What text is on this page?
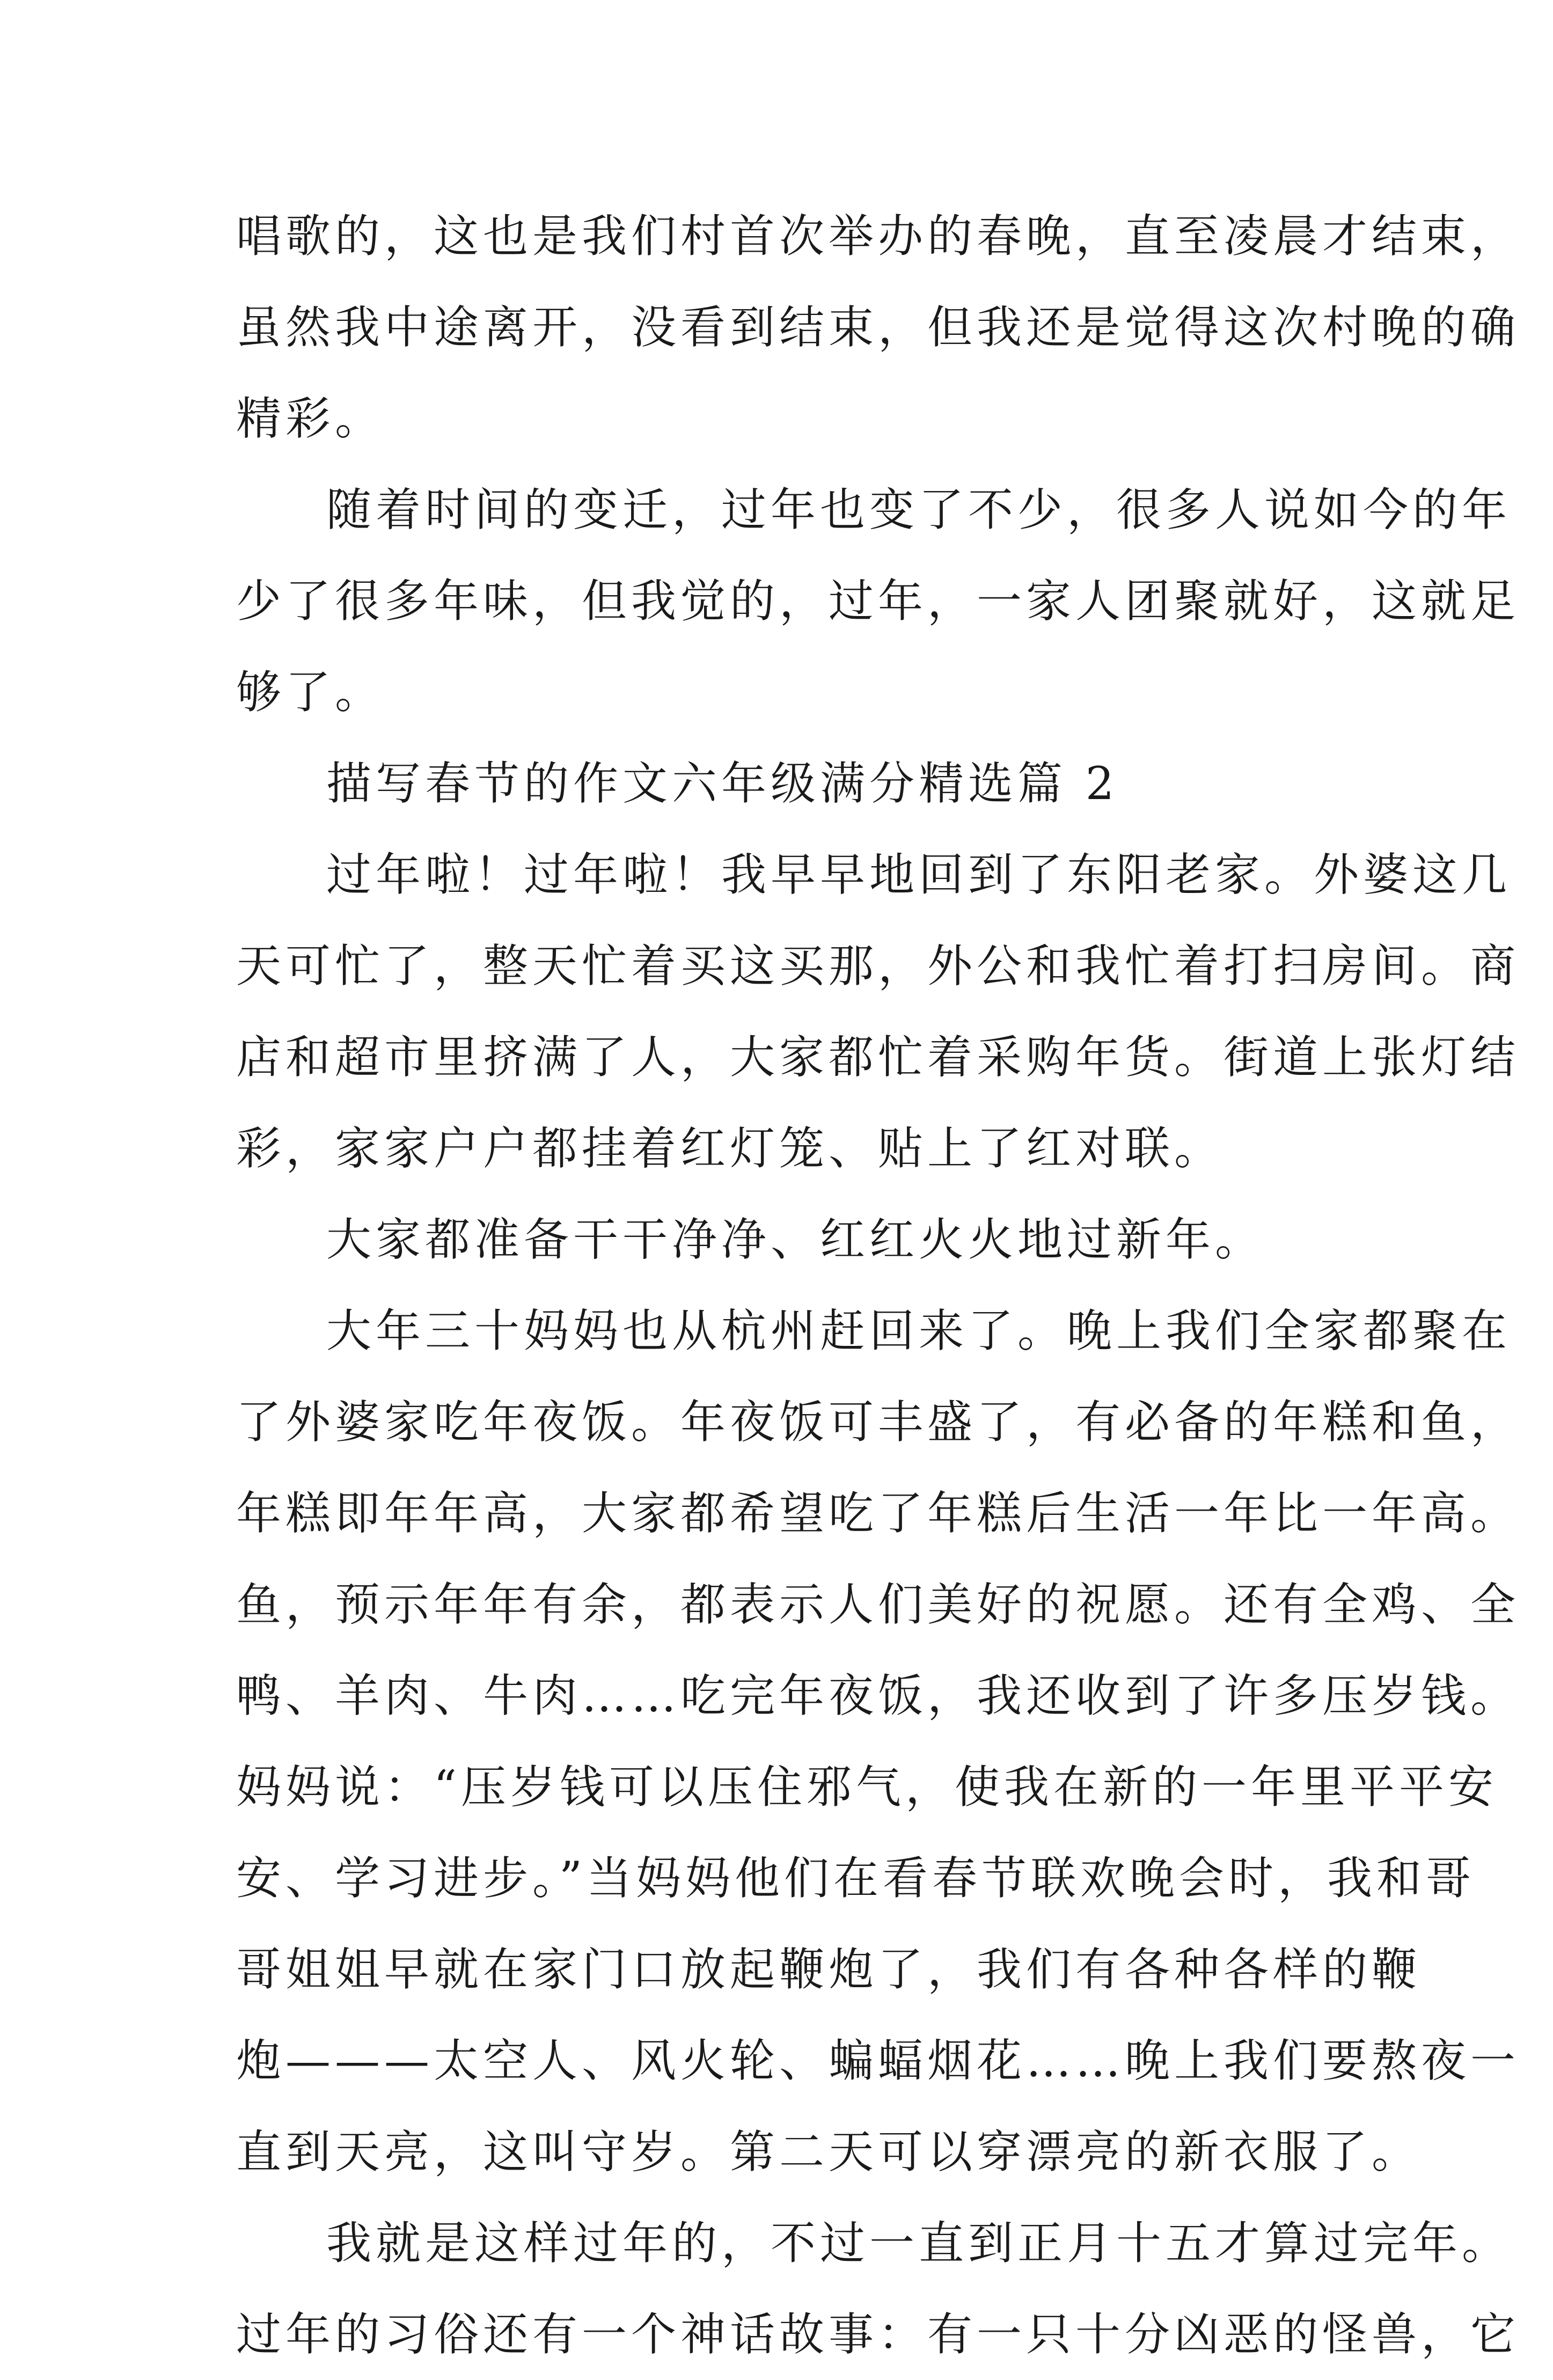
唱歌的，这也是我们村首次举办的春晚，直至凌晨才结束，
虽然我中途离开，没看到结束，但我还是觉得这次村晚的确
精彩。
随着时间的变迁，过年也变了不少，很多人说如今的年
少了很多年味，但我觉的，过年，一家人团聚就好，这就足
够了。
描写春节的作文六年级满分精选篇 2
过年啦！过年啦！我早早地回到了东阳老家。外婆这几
天可忙了，整天忙着买这买那，外公和我忙着打扫房间。商
店和超市里挤满了人，大家都忙着采购年货。街道上张灯结
彩，家家户户都挂着红灯笼、贴上了红对联。
大家都准备干干净净、红红火火地过新年。
大年三十妈妈也从杭州赶回来了。晚上我们全家都聚在
了外婆家吃年夜饭。年夜饭可丰盛了，有必备的年糕和鱼，
年糕即年年高，大家都希望吃了年糕后生活一年比一年高。
鱼，预示年年有余，都表示人们美好的祝愿。还有全鸡、全
鸭、羊肉、牛肉……吃完年夜饭，我还收到了许多压岁钱。
妈妈说：“压岁钱可以压住邪气，使我在新的一年里平平安
安、学习进步。”当妈妈他们在看春节联欢晚会时，我和哥
哥姐姐早就在家门口放起鞭炮了，我们有各种各样的鞭
炮———太空人、风火轮、蝙蝠烟花……晚上我们要熬夜一
直到天亮，这叫守岁。第二天可以穿漂亮的新衣服了。
我就是这样过年的，不过一直到正月十五才算过完年。
过年的习俗还有一个神话故事：有一只十分凶恶的怪兽，它
